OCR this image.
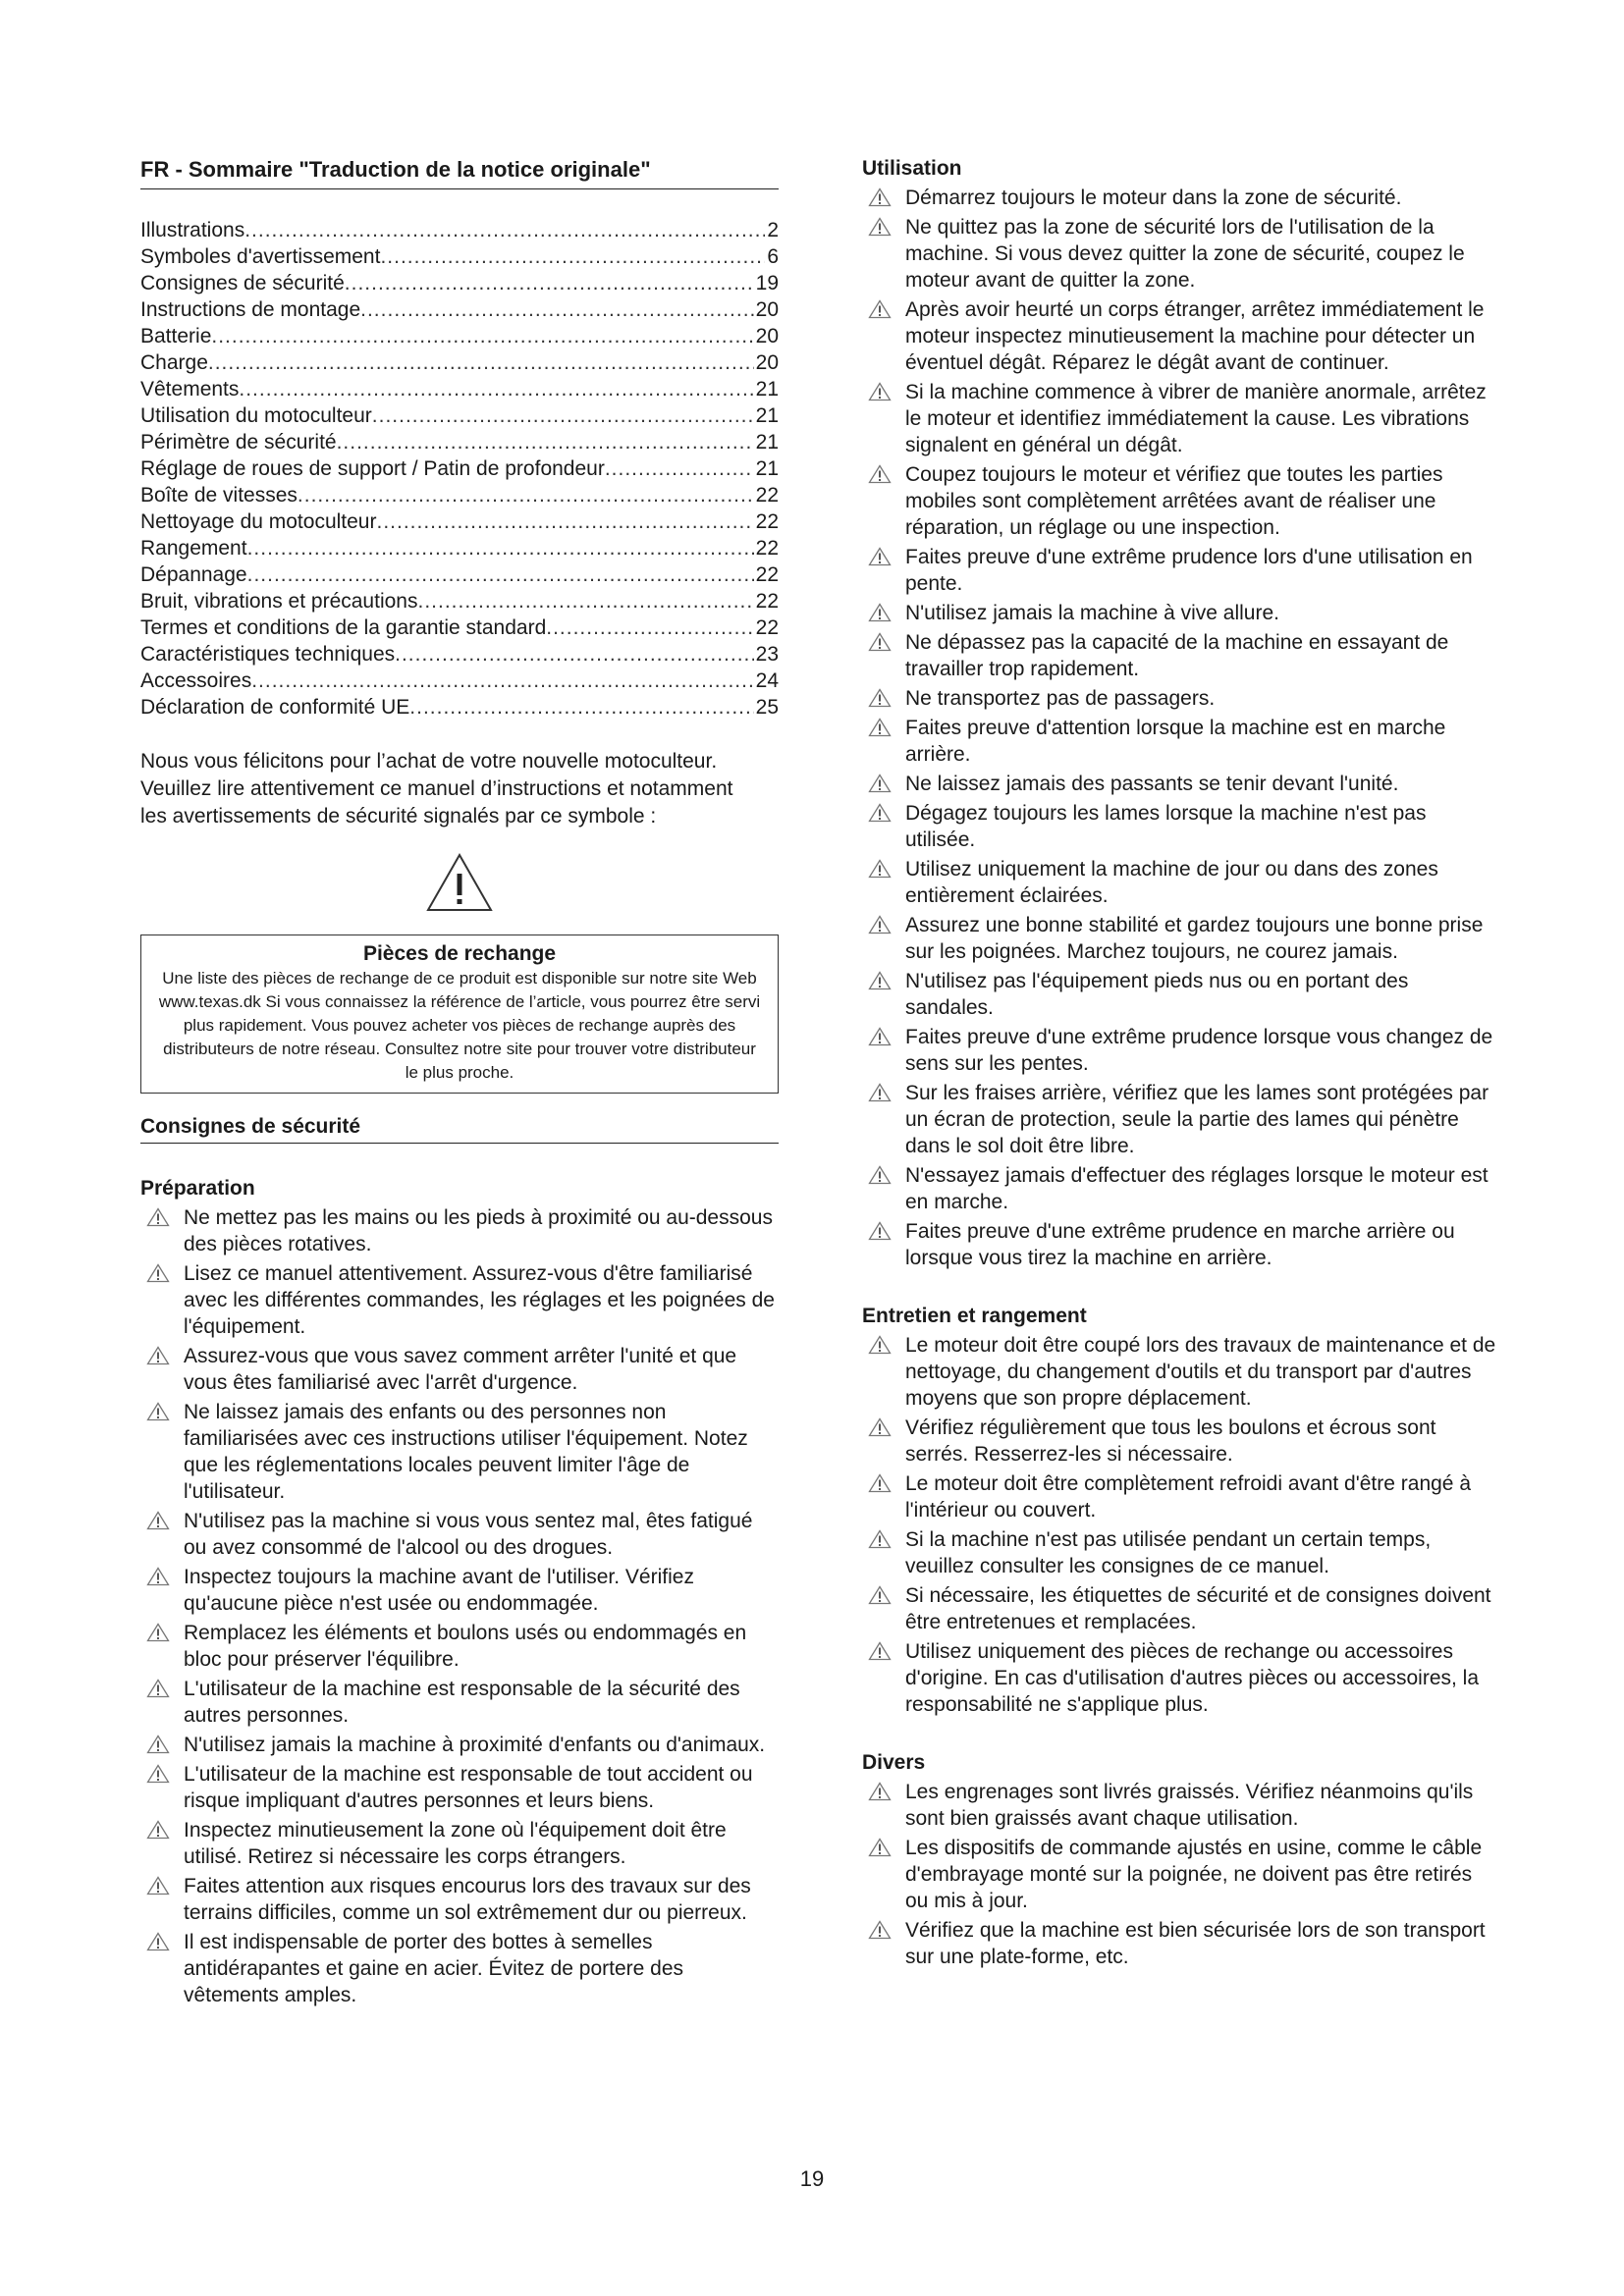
FR - Sommaire "Traduction de la notice originale"
Illustrations .....	2
Symboles d'avertissement .....	6
Consignes de sécurité .....	19
Instructions de montage .....	20
Batterie .....	20
Charge .....	20
Vêtements .....	21
Utilisation du motoculteur .....	21
Périmètre de sécurité .....	21
Réglage de roues de support / Patin de profondeur .....	21
Boîte de vitesses .....	22
Nettoyage du motoculteur .....	22
Rangement .....	22
Dépannage .....	22
Bruit, vibrations et précautions .....	22
Termes et conditions de la garantie standard .....	22
Caractéristiques techniques .....	23
Accessoires .....	24
Déclaration de conformité UE .....	25
Nous vous félicitons pour l’achat de votre nouvelle motoculteur. Veuillez lire attentivement ce manuel d’instructions et notamment les avertissements de sécurité signalés par ce symbole :
Pièces de rechange
Une liste des pièces de rechange de ce produit est disponible sur notre site Web www.texas.dk Si vous connaissez la référence de l’article, vous pourrez être servi plus rapidement. Vous pouvez acheter vos pièces de rechange auprès des distributeurs de notre réseau. Consultez notre site pour trouver votre distributeur le plus proche.
Consignes de sécurité
Préparation
Ne mettez pas les mains ou les pieds à proximité ou au-dessous des pièces rotatives.
Lisez ce manuel attentivement. Assurez-vous d'être familiarisé avec les différentes commandes, les réglages et les poignées de l'équipement.
Assurez-vous que vous savez comment arrêter l'unité et que vous êtes familiarisé avec l'arrêt d'urgence.
Ne laissez jamais des enfants ou des personnes non familiarisées avec ces instructions utiliser l'équipement. Notez que les réglementations locales peuvent limiter l'âge de l'utilisateur.
N'utilisez pas la machine si vous vous sentez mal, êtes fatigué ou avez consommé de l'alcool ou des drogues.
Inspectez toujours la machine avant de l'utiliser. Vérifiez qu'aucune pièce n'est usée ou endommagée.
Remplacez les éléments et boulons usés ou endommagés en bloc pour préserver l'équilibre.
L'utilisateur de la machine est responsable de la sécurité des autres personnes.
N'utilisez jamais la machine à proximité d'enfants ou d'animaux.
L'utilisateur de la machine est responsable de tout accident ou risque impliquant d'autres personnes et leurs biens.
Inspectez minutieusement la zone où l'équipement doit être utilisé. Retirez si nécessaire les corps étrangers.
Faites attention aux risques encourus lors des travaux sur des terrains difficiles, comme un sol extrêmement dur ou pierreux.
Il est indispensable de porter des bottes à semelles antidérapantes et gaine en acier. Évitez de portere des vêtements amples.
Utilisation
Démarrez toujours le moteur dans la zone de sécurité.
Ne quittez pas la zone de sécurité lors de l'utilisation de la machine. Si vous devez quitter la zone de sécurité, coupez le moteur avant de quitter la zone.
Après avoir heurté un corps étranger, arrêtez immédiatement le moteur inspectez minutieusement la machine pour détecter un éventuel dégât. Réparez le dégât avant de continuer.
Si la machine commence à vibrer de manière anormale, arrêtez le moteur et identifiez immédiatement la cause. Les vibrations signalent en général un dégât.
Coupez toujours le moteur et vérifiez que toutes les parties mobiles sont complètement arrêtées avant de réaliser une réparation, un réglage ou une inspection.
Faites preuve d'une extrême prudence lors d'une utilisation en pente.
N'utilisez jamais la machine à vive allure.
Ne dépassez pas la capacité de la machine en essayant de travailler trop rapidement.
Ne transportez pas de passagers.
Faites preuve d'attention lorsque la machine est en marche arrière.
Ne laissez jamais des passants se tenir devant l'unité.
Dégagez toujours les lames lorsque la machine n'est pas utilisée.
Utilisez uniquement la machine de jour ou dans des zones entièrement éclairées.
Assurez une bonne stabilité et gardez toujours une bonne prise sur les poignées. Marchez toujours, ne courez jamais.
N'utilisez pas l'équipement pieds nus ou en portant des sandales.
Faites preuve d'une extrême prudence lorsque vous changez de sens sur les pentes.
Sur les fraises arrière, vérifiez que les lames sont protégées par un écran de protection, seule la partie des lames qui pénètre dans le sol doit être libre.
N'essayez jamais d'effectuer des réglages lorsque le moteur est en marche.
Faites preuve d'une extrême prudence en marche arrière ou lorsque vous tirez la machine en arrière.
Entretien et rangement
Le moteur doit être coupé lors des travaux de maintenance et de nettoyage, du changement d'outils et du transport par d'autres moyens que son propre déplacement.
Vérifiez régulièrement que tous les boulons et écrous sont serrés. Resserrez-les si nécessaire.
Le moteur doit être complètement refroidi avant d'être rangé à l'intérieur ou couvert.
Si la machine n'est pas utilisée pendant un certain temps, veuillez consulter les consignes de ce manuel.
Si nécessaire, les étiquettes de sécurité et de consignes doivent être entretenues et remplacées.
Utilisez uniquement des pièces de rechange ou accessoires d'origine. En cas d'utilisation d'autres pièces ou accessoires, la responsabilité ne s'applique plus.
Divers
Les engrenages sont livrés graissés. Vérifiez néanmoins qu'ils sont bien graissés avant chaque utilisation.
Les dispositifs de commande ajustés en usine, comme le câble d'embrayage monté sur la poignée, ne doivent pas être retirés ou mis à jour.
Vérifiez que la machine est bien sécurisée lors de son transport sur une plate-forme, etc.
19
